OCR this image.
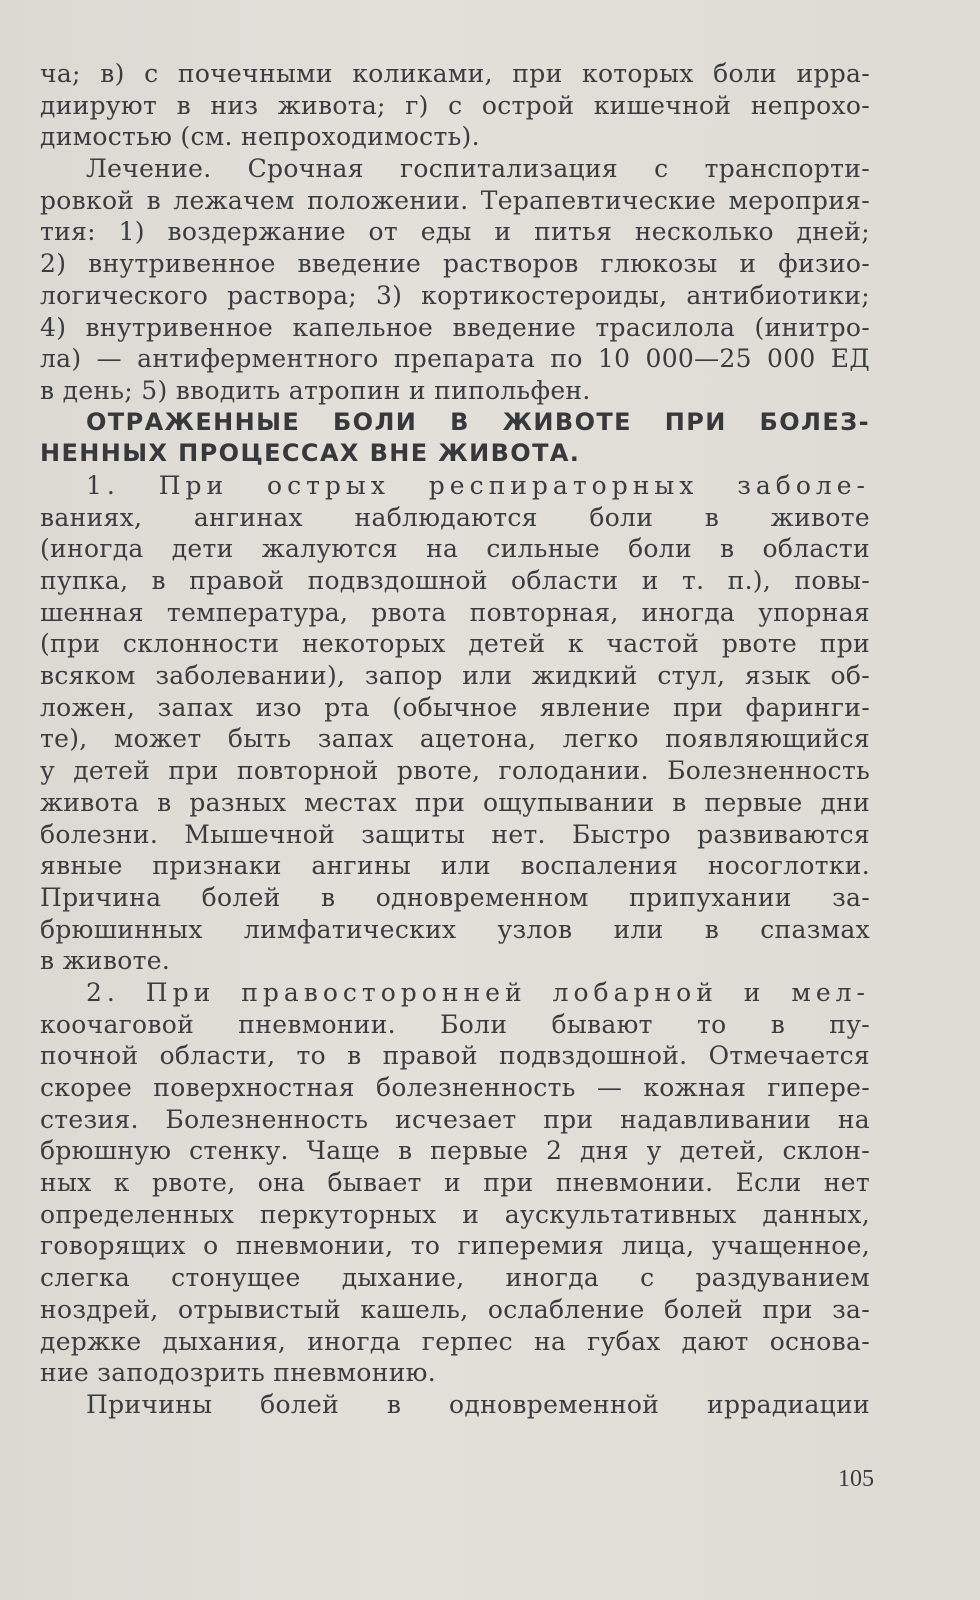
ча; в) с почечными коликами, при которых боли ирра-
диируют в низ живота; г) с острой кишечной непрохо-
димостью (см. непроходимость).
Лечение. Срочная госпитализация с транспорти-
ровкой в лежачем положении. Терапевтические мероприя-
тия: 1) воздержание от еды и питья несколько дней;
2) внутривенное введение растворов глюкозы и физио-
логического раствора; 3) кортикостероиды, антибиотики;
4) внутривенное капельное введение трасилола (инитро-
ла) — антиферментного препарата по 10 000—25 000 ЕД
в день; 5) вводить атропин и пипольфен.
ОТРАЖЕННЫЕ БОЛИ В ЖИВОТЕ ПРИ БОЛЕЗ-
НЕННЫХ ПРОЦЕССАХ ВНЕ ЖИВОТА.
1. При острых респираторных заболе-
ваниях, ангинах наблюдаются боли в животе
(иногда дети жалуются на сильные боли в области
пупка, в правой подвздошной области и т. п.), повы-
шенная температура, рвота повторная, иногда упорная
(при склонности некоторых детей к частой рвоте при
всяком заболевании), запор или жидкий стул, язык об-
ложен, запах изо рта (обычное явление при фаринги-
те), может быть запах ацетона, легко появляющийся
у детей при повторной рвоте, голодании. Болезненность
живота в разных местах при ощупывании в первые дни
болезни. Мышечной защиты нет. Быстро развиваются
явные признаки ангины или воспаления носоглотки.
Причина болей в одновременном припухании за-
брюшинных лимфатических узлов или в спазмах
в животе.
2. При правосторонней лобарной и мел-
коочаговой пневмонии. Боли бывают то в пу-
почной области, то в правой подвздошной. Отмечается
скорее поверхностная болезненность — кожная гипере-
стезия. Болезненность исчезает при надавливании на
брюшную стенку. Чаще в первые 2 дня у детей, склон-
ных к рвоте, она бывает и при пневмонии. Если нет
определенных перкуторных и аускультативных данных,
говорящих о пневмонии, то гиперемия лица, учащенное,
слегка стонущее дыхание, иногда с раздуванием
ноздрей, отрывистый кашель, ослабление болей при за-
держке дыхания, иногда герпес на губах дают основа-
ние заподозрить пневмонию.
Причины болей в одновременной иррадиации
105
